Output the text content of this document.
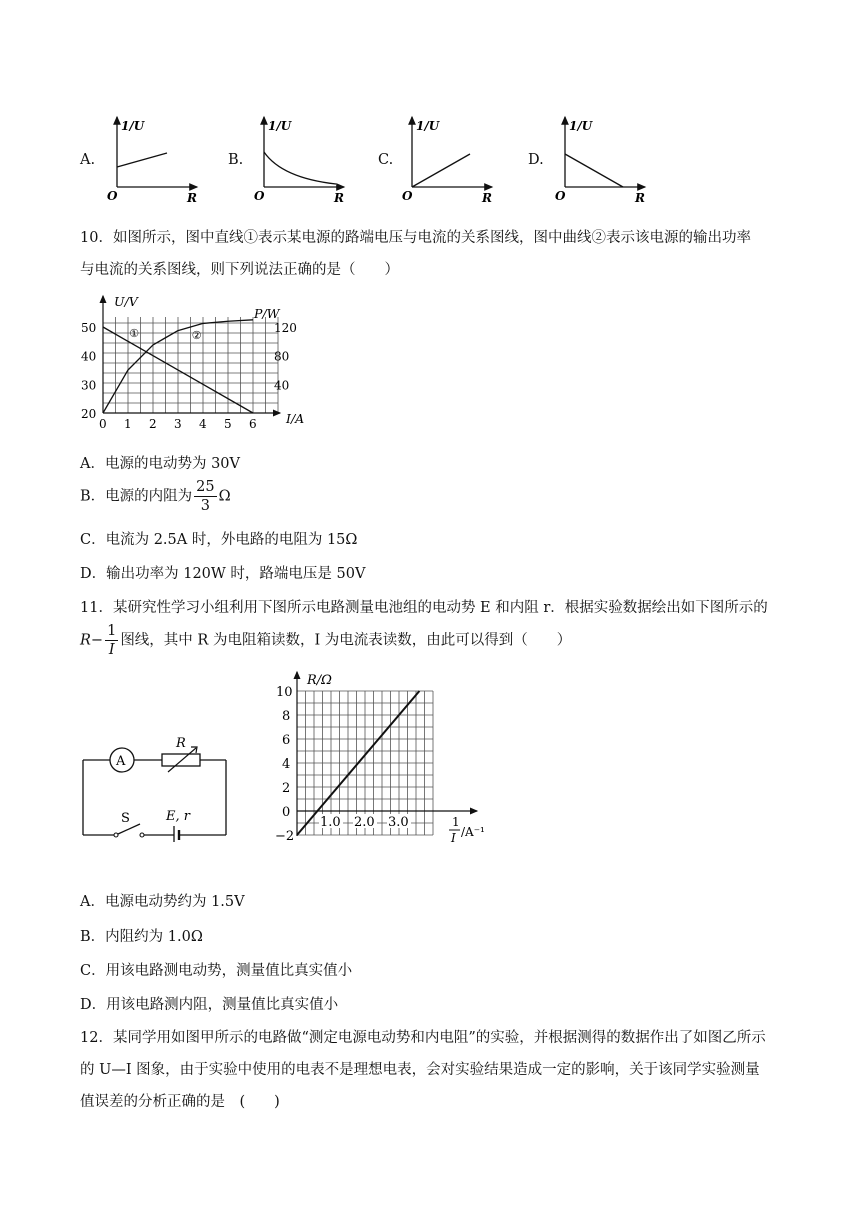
A.
1/U
O	R
B.
1/U
O	R
C.
1/U
O	R
D.
1/U
O	R
10．如图所示，图中直线①表示某电源的路端电压与电流的关系图线，图中曲线②表示该电源的输出功率
与电流的关系图线，则下列说法正确的是（　　）
0 1 2 3 4 5 6
20
30
40
50
40
80
120
①	②
U/V
P/W
I/A
A．电源的电动势为 30V
B．电源的内阻为 $\frac{25}{3}$ Ω
C．电流为 2.5A 时，外电路的电阻为 15Ω
D．输出功率为 120W 时，路端电压是 50V
11．某研究性学习小组利用下图所示电路测量电池组的电动势 E 和内阻 r．根据实验数据绘出如下图所示的
$R- \frac{1}{I}$ 图线，其中 R 为电阻箱读数，I 为电流表读数，由此可以得到（　　）
A
R
S	E, r
10
8
6
4
2
0
−2
1.0 2.0 3.0
R/Ω
1
I /A⁻¹
A．电源电动势约为 1.5V
B．内阻约为 1.0Ω
C．用该电路测电动势，测量值比真实值小
D．用该电路测内阻，测量值比真实值小
12．某同学用如图甲所示的电路做“测定电源电动势和内电阻”的实验，并根据测得的数据作出了如图乙所示
的 U—I 图象，由于实验中使用的电表不是理想电表，会对实验结果造成一定的影响，关于该同学实验测量
值误差的分析正确的是　(　　)
